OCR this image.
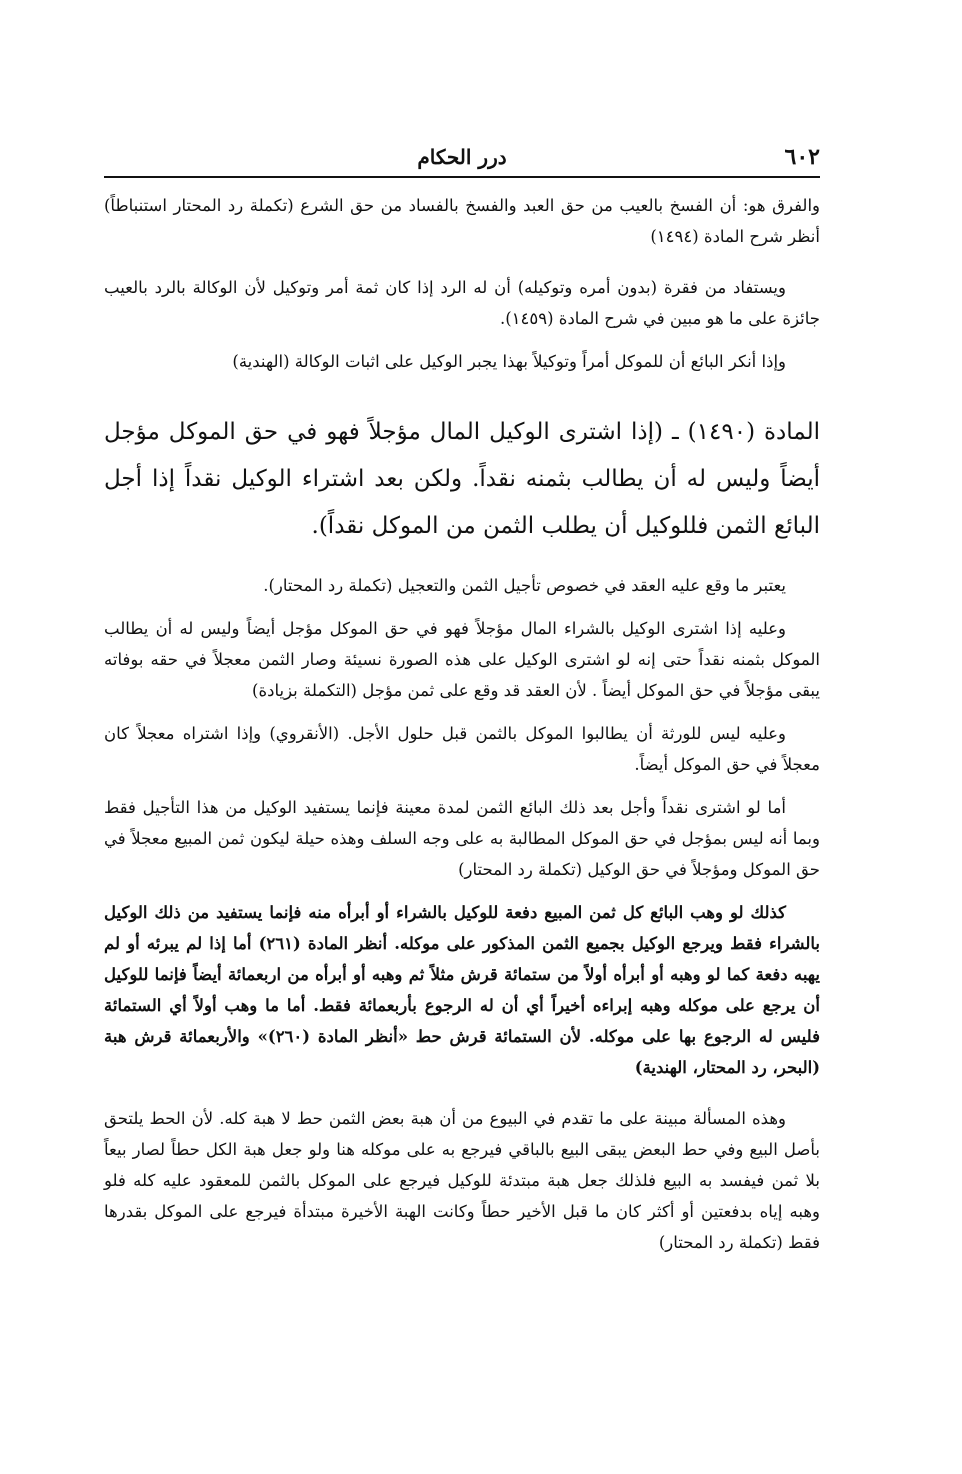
٦٠٢
درر الحكام

والفرق هو: أن الفسخ بالعيب من حق العبد والفسخ بالفساد من حق الشرع (تكملة رد المحتار استنباطاً) أنظر شرح المادة (١٤٩٤)

ويستفاد من فقرة (بدون أمره وتوكيله) أن له الرد إذا كان ثمة أمر وتوكيل لأن الوكالة بالرد بالعيب جائزة على ما هو مبين في شرح المادة (١٤٥٩).

وإذا أنكر البائع أن للموكل أمراً وتوكيلاً بهذا يجبر الوكيل على اثبات الوكالة (الهندية)

المادة (١٤٩٠) ـ (إذا اشترى الوكيل المال مؤجلاً فهو في حق الموكل مؤجل أيضاً وليس له أن يطالب بثمنه نقداً. ولكن بعد اشتراء الوكيل نقداً إذا أجل البائع الثمن فللوكيل أن يطلب الثمن من الموكل نقداً).

يعتبر ما وقع عليه العقد في خصوص تأجيل الثمن والتعجيل (تكملة رد المحتار).

وعليه إذا اشترى الوكيل بالشراء المال مؤجلاً فهو في حق الموكل مؤجل أيضاً وليس له أن يطالب الموكل بثمنه نقداً حتى إنه لو اشترى الوكيل على هذه الصورة نسيئة وصار الثمن معجلاً في حقه بوفاته يبقى مؤجلاً في حق الموكل أيضاً . لأن العقد قد وقع على ثمن مؤجل (التكملة بزيادة)

وعليه ليس للورثة أن يطالبوا الموكل بالثمن قبل حلول الأجل. (الأنقروي) وإذا اشتراه معجلاً كان معجلاً في حق الموكل أيضاً.

أما لو اشترى نقداً وأجل بعد ذلك البائع الثمن لمدة معينة فإنما يستفيد الوكيل من هذا التأجيل فقط وبما أنه ليس بمؤجل في حق الموكل المطالبة به على وجه السلف وهذه حيلة ليكون ثمن المبيع معجلاً في حق الموكل ومؤجلاً في حق الوكيل (تكملة رد المحتار)

كذلك لو وهب البائع كل ثمن المبيع دفعة للوكيل بالشراء أو أبرأه منه فإنما يستفيد من ذلك الوكيل بالشراء فقط ويرجع الوكيل بجميع الثمن المذكور على موكله. أنظر المادة (٢٦١) أما إذا لم يبرئه أو لم يهبه دفعة كما لو وهبه أو أبرأه أولاً من ستمائة قرش مثلاً ثم وهبه أو أبرأه من اربعمائة أيضاً فإنما للوكيل أن يرجع على موكله وهبه إبراءه أخيراً أي أن له الرجوع بأربعمائة فقط. أما ما وهب أولاً أي الستمائة فليس له الرجوع بها على موكله. لأن الستمائة قرش حط «أنظر المادة (٢٦٠)» والأربعمائة قرش هبة (البحر، رد المحتار، الهندية)

وهذه المسألة مبينة على ما تقدم في البيوع من أن هبة بعض الثمن حط لا هبة كله. لأن الحط يلتحق بأصل البيع وفي حط البعض يبقى البيع بالباقي فيرجع به على موكله هنا ولو جعل هبة الكل حطاً لصار بيعاً بلا ثمن فيفسد به البيع فلذلك جعل هبة مبتدئة للوكيل فيرجع على الموكل بالثمن للمعقود عليه كله فلو وهبه إياه بدفعتين أو أكثر كان ما قبل الأخير حطاً وكانت الهبة الأخيرة مبتدأة فيرجع على الموكل بقدرها فقط (تكملة رد المحتار)
